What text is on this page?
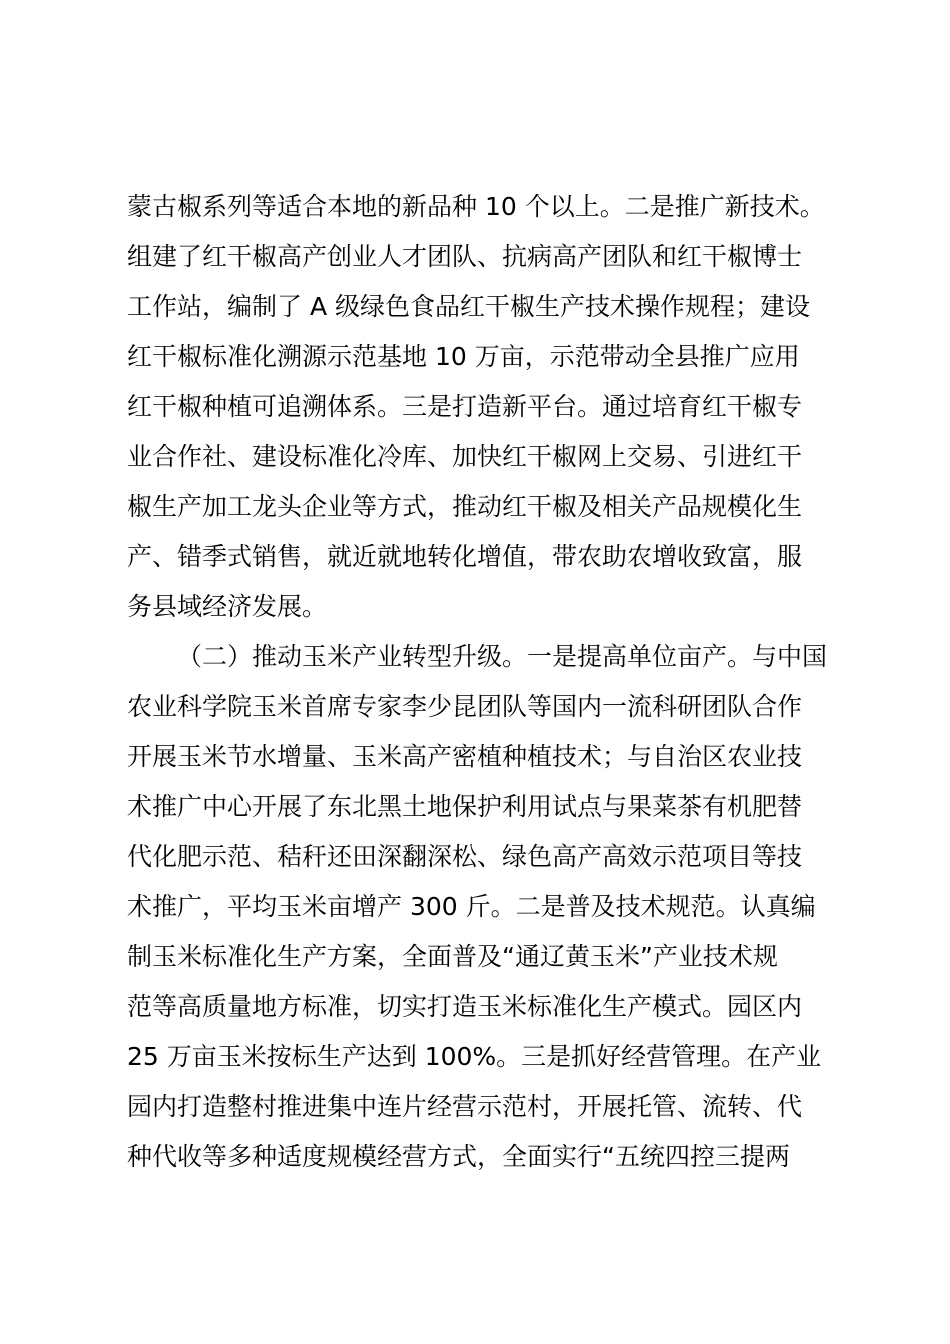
蒙古椒系列等适合本地的新品种 10 个以上。二是推广新技术。
组建了红干椒高产创业人才团队、抗病高产团队和红干椒博士
工作站，编制了 A 级绿色食品红干椒生产技术操作规程；建设
红干椒标准化溯源示范基地 10 万亩，示范带动全县推广应用
红干椒种植可追溯体系。三是打造新平台。通过培育红干椒专
业合作社、建设标准化冷库、加快红干椒网上交易、引进红干
椒生产加工龙头企业等方式，推动红干椒及相关产品规模化生
产、错季式销售，就近就地转化增值，带农助农增收致富，服
务县域经济发展。
（二）推动玉米产业转型升级。一是提高单位亩产。与中国
农业科学院玉米首席专家李少昆团队等国内一流科研团队合作
开展玉米节水增量、玉米高产密植种植技术；与自治区农业技
术推广中心开展了东北黑土地保护利用试点与果菜茶有机肥替
代化肥示范、秸秆还田深翻深松、绿色高产高效示范项目等技
术推广，平均玉米亩增产 300 斤。二是普及技术规范。认真编
制玉米标准化生产方案，全面普及“通辽黄玉米”产业技术规
范等高质量地方标准，切实打造玉米标准化生产模式。园区内
25 万亩玉米按标生产达到 100%。三是抓好经营管理。在产业
园内打造整村推进集中连片经营示范村，开展托管、流转、代
种代收等多种适度规模经营方式，全面实行“五统四控三提两
